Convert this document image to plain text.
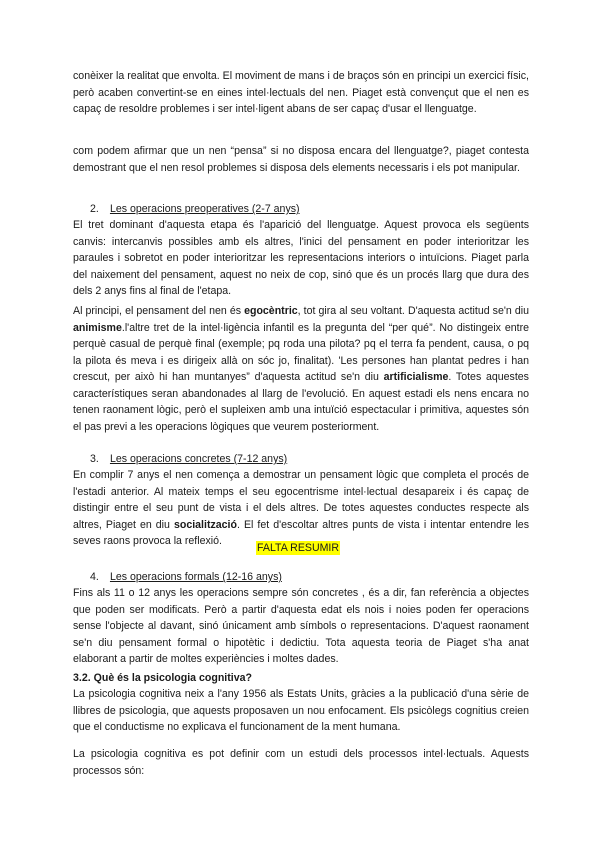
conèixer la realitat que envolta. El moviment de mans i de braços són en principi un exercici físic, però acaben convertint-se en eines intel·lectuals del nen. Piaget està convençut que el nen es capaç de resoldre problemes i ser intel·ligent abans de ser capaç d'usar el llenguatge.

com podem afirmar que un nen “pensa” si no disposa encara del llenguatge?, piaget contesta demostrant que el nen resol problemes si disposa dels elements necessaris i els pot manipular.

2. Les operacions preoperatives (2-7 anys)

El tret dominant d'aquesta etapa és l'aparició del llenguatge. Aquest provoca els següents canvis: intercanvis possibles amb els altres, l'inici del pensament en poder interioritzar les paraules i sobretot en poder interioritzar les representacions interiors o intuïcions. Piaget parla del naixement del pensament, aquest no neix de cop, sinó que és un procés llarg que dura des dels 2 anys fins al final de l'etapa.

Al principi, el pensament del nen és egocèntric, tot gira al seu voltant. D'aquesta actitud se'n diu animisme.l'altre tret de la intel·ligència infantil es la pregunta del “per qué”. No distingeix entre perquè casual de perquè final (exemple; pq roda una pilota? pq el terra fa pendent, causa, o pq la pilota és meva i es dirigeix allà on sóc jo, finalitat). 'Les persones han plantat pedres i han crescut, per això hi han muntanyes” d'aquesta actitud se'n diu artificialisme. Totes aquestes característiques seran abandonades al llarg de l'evolució. En aquest estadi els nens encara no tenen raonament lògic, però el supleixen amb una intuïció espectacular i primitiva, aquestes són el pas previ a les operacions lògiques que veurem posteriorment.

3. Les operacions concretes (7-12 anys)

En complir 7 anys el nen comença a demostrar un pensament lògic que completa el procés de l'estadi anterior. Al mateix temps el seu egocentrisme intel·lectual desapareix i és capaç de distingir entre el seu punt de vista i el dels altres. De totes aquestes conductes respecte als altres, Piaget en diu socialització. El fet d'escoltar altres punts de vista i intentar entendre les seves raons provoca la reflexió.

FALTA RESUMIR

4. Les operacions formals (12-16 anys)

Fins als 11 o 12 anys les operacions sempre són concretes , és a dir, fan referència a objectes que poden ser modificats. Però a partir d'aquesta edat els nois i noies poden fer operacions sense l'objecte al davant, sinó únicament amb símbols o representacions. D'aquest raonament se'n diu pensament formal o hipotètic i dedictiu. Tota aquesta teoria de Piaget s'ha anat elaborant a partir de moltes experiències i moltes dades.

3.2. Què és la psicologia cognitiva?

La psicologia cognitiva neix a l'any 1956 als Estats Units, gràcies a la publicació d'una sèrie de llibres de psicologia, que aquests proposaven un nou enfocament. Els psicòlegs cognitius creien que el conductisme no explicava el funcionament de la ment humana.

La psicologia cognitiva es pot definir com un estudi dels processos intel·lectuals. Aquests processos són:
